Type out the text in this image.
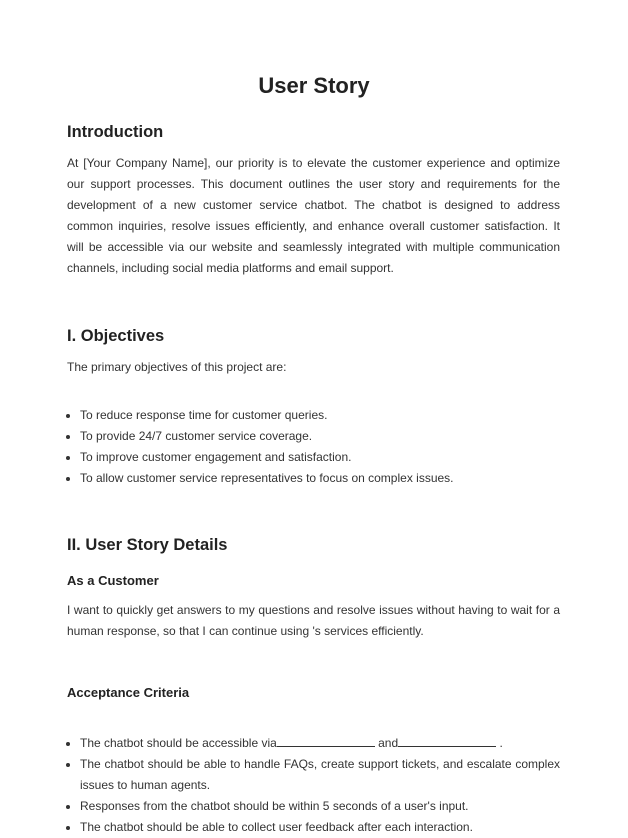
User Story
Introduction

At [Your Company Name], our priority is to elevate the customer experience and optimize our support processes. This document outlines the user story and requirements for the development of a new customer service chatbot. The chatbot is designed to address common inquiries, resolve issues efficiently, and enhance overall customer satisfaction. It will be accessible via our website and seamlessly integrated with multiple communication channels, including social media platforms and email support.

I. Objectives

The primary objectives of this project are:

• To reduce response time for customer queries.
• To provide 24/7 customer service coverage.
• To improve customer engagement and satisfaction.
• To allow customer service representatives to focus on complex issues.
II. User Story Details
As a Customer

I want to quickly get answers to my questions and resolve issues without having to wait for a human response, so that I can continue using 's services efficiently.

Acceptance Criteria
• The chatbot should be accessible via	and	.
• The chatbot should be able to handle FAQs, create support tickets, and escalate complex issues to human agents.
• Responses from the chatbot should be within 5 seconds of a user's input.
• The chatbot should be able to collect user feedback after each interaction.
